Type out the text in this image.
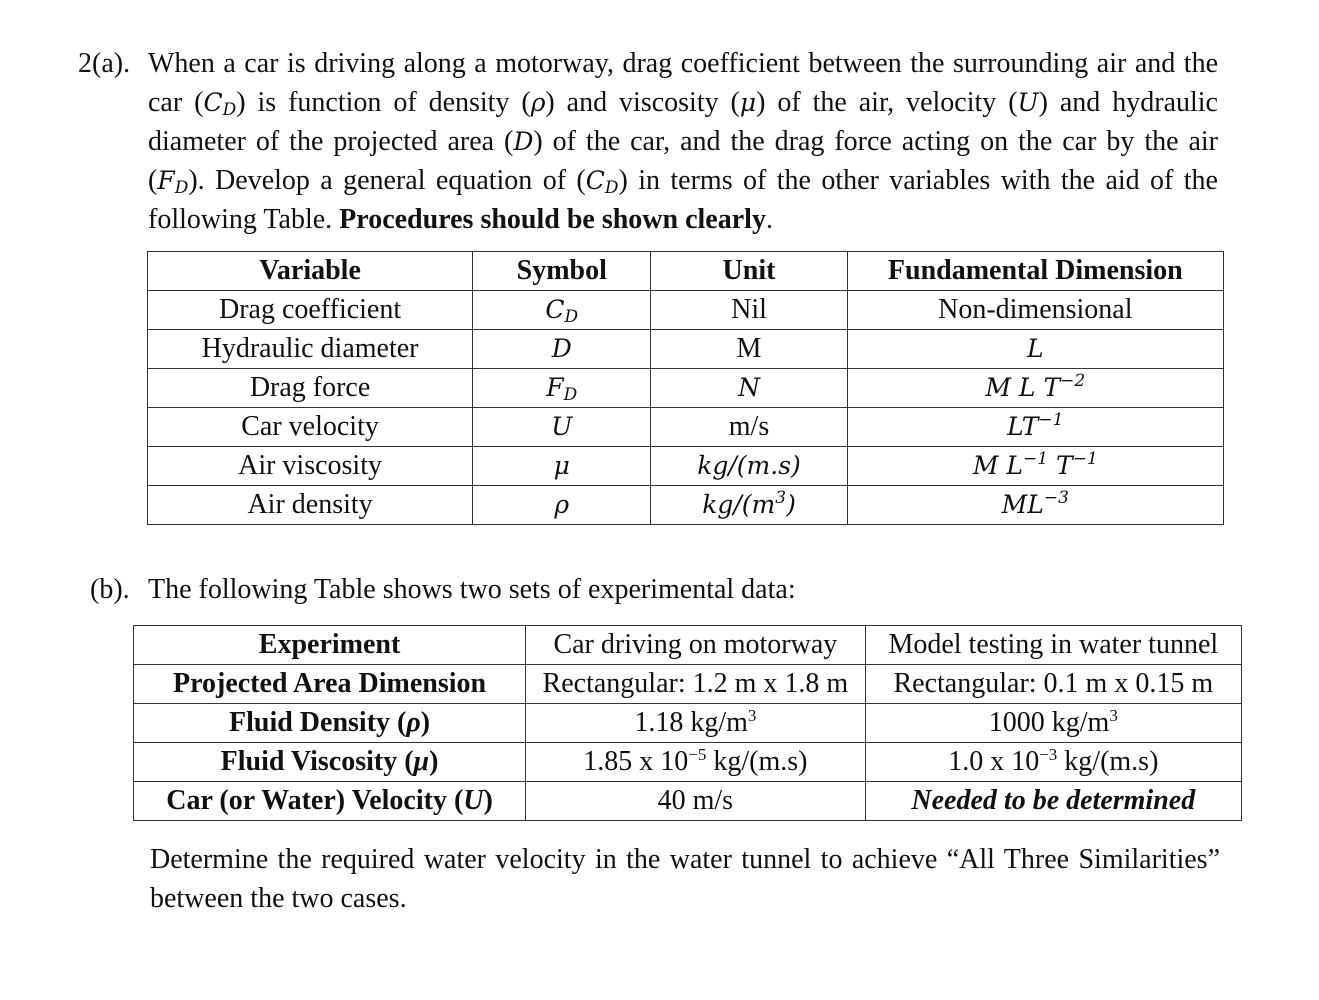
2(a). When a car is driving along a motorway, drag coefficient between the surrounding air and the car $(C_D)$ is function of density (ρ) and viscosity (μ) of the air, velocity (U) and hydraulic diameter of the projected area (D) of the car, and the drag force acting on the car by the air $(F_D)$. Develop a general equation of $(C_D)$ in terms of the other variables with the aid of the following Table. Procedures should be shown clearly.
Variable	Symbol	Unit	Fundamental Dimension
Drag coefficient	$C_D$	Nil	Non-dimensional
Hydraulic diameter	D	M	L
Drag force	$F_D$	N	M L $T^{-2}$
Car velocity	U	m/s	$LT^{-1}$
Air viscosity	μ	kg/(m.s)	M $L^{-1}$ $T^{-1}$
Air density	ρ	$kg/(m^3)$	$ML^{-3}$
(b). The following Table shows two sets of experimental data:
Experiment	Car driving on motorway	Model testing in water tunnel
Projected Area Dimension	Rectangular: 1.2 m x 1.8 m	Rectangular: 0.1 m x 0.15 m
Fluid Density (ρ)	1.18 $kg/m^3$	1000 $kg/m^3$
Fluid Viscosity (μ)	1.85 x $10^{-5}$ kg/(m.s)	1.0 x $10^{-3}$ kg/(m.s)
Car (or Water) Velocity (U)	40 m/s	Needed to be determined
Determine the required water velocity in the water tunnel to achieve “All Three Similarities” between the two cases.
